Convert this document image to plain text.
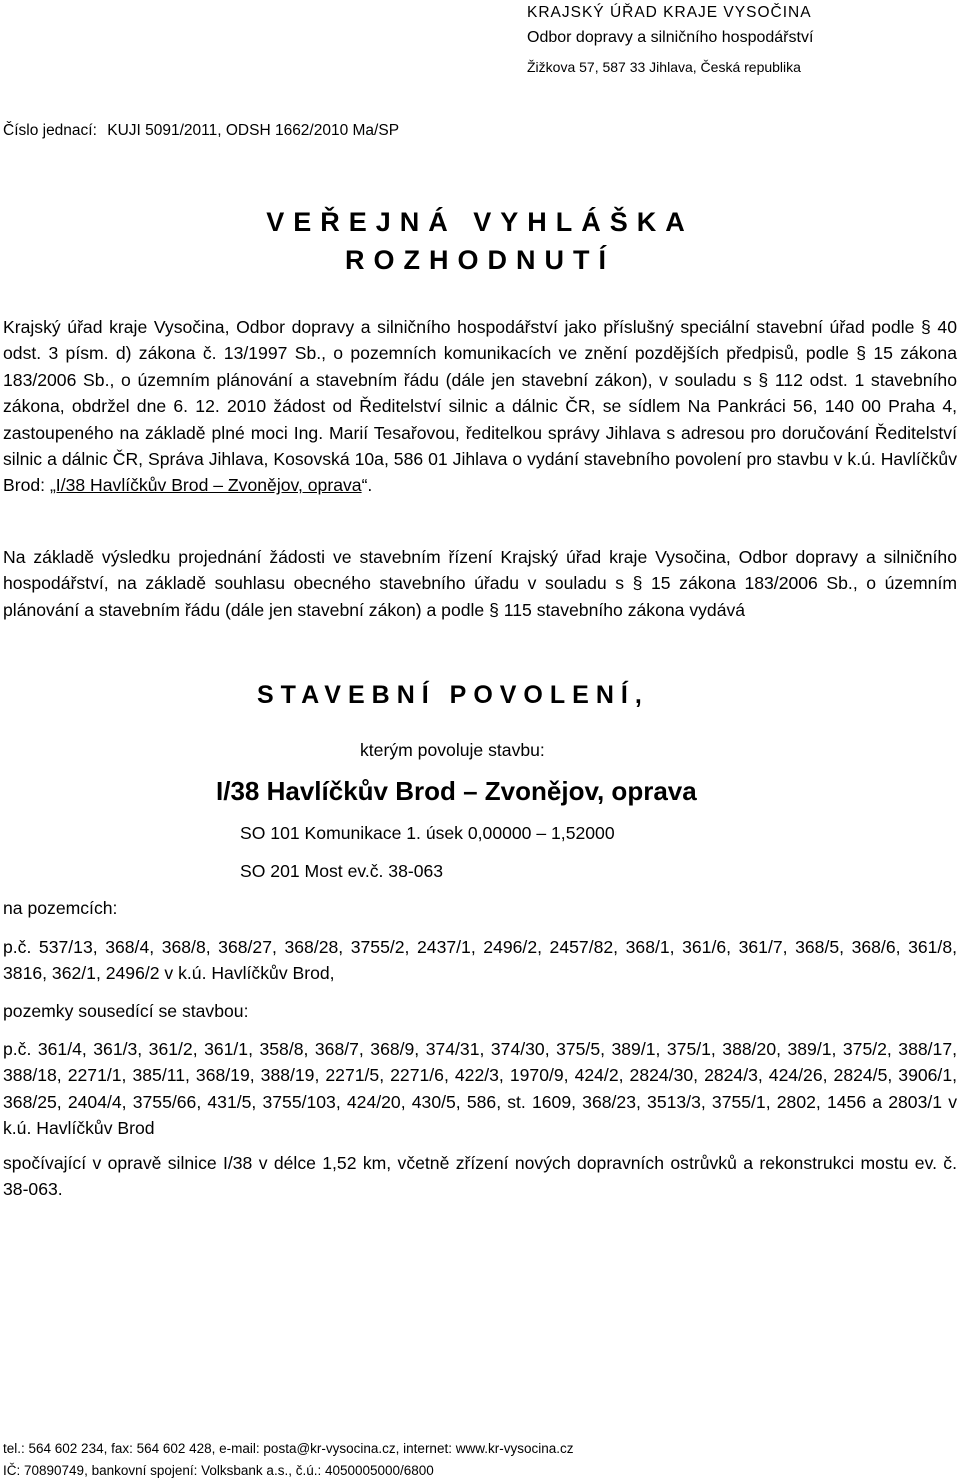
KRAJSKÝ ÚŘAD KRAJE VYSOČINA
Odbor dopravy a silničního hospodářství
Žižkova 57, 587 33 Jihlava, Česká republika
Číslo jednací: KUJI 5091/2011, ODSH 1662/2010 Ma/SP
VEŘEJNÁ VYHLÁŠKA
ROZHODNUTÍ

Krajský úřad kraje Vysočina, Odbor dopravy a silničního hospodářství jako příslušný speciální stavební úřad podle § 40 odst. 3 písm. d) zákona č. 13/1997 Sb., o pozemních komunikacích ve znění pozdějších předpisů, podle § 15 zákona 183/2006 Sb., o územním plánování a stavebním řádu (dále jen stavební zákon), v souladu s § 112 odst. 1 stavebního zákona, obdržel dne 6. 12. 2010 žádost od Ředitelství silnic a dálnic ČR, se sídlem Na Pankráci 56, 140 00 Praha 4, zastoupeného na základě plné moci Ing. Marií Tesařovou, ředitelkou správy Jihlava s adresou pro doručování Ředitelství silnic a dálnic ČR, Správa Jihlava, Kosovská 10a, 586 01 Jihlava o vydání stavebního povolení pro stavbu v k.ú. Havlíčkův Brod: „I/38 Havlíčkův Brod – Zvonějov, oprava“.

Na základě výsledku projednání žádosti ve stavebním řízení Krajský úřad kraje Vysočina, Odbor dopravy a silničního hospodářství, na základě souhlasu obecného stavebního úřadu v souladu s § 15 zákona 183/2006 Sb., o územním plánování a stavebním řádu (dále jen stavební zákon) a podle § 115 stavebního zákona vydává

STAVEBNÍ POVOLENÍ,
kterým povoluje stavbu:
I/38 Havlíčkův Brod – Zvonějov, oprava
SO 101 Komunikace 1. úsek 0,00000 – 1,52000
SO 201 Most ev.č. 38-063
na pozemcích:

p.č. 537/13, 368/4, 368/8, 368/27, 368/28, 3755/2, 2437/1, 2496/2, 2457/82, 368/1, 361/6, 361/7, 368/5, 368/6, 361/8, 3816, 362/1, 2496/2 v k.ú. Havlíčkův Brod,

pozemky sousedící se stavbou:

p.č. 361/4, 361/3, 361/2, 361/1, 358/8, 368/7, 368/9, 374/31, 374/30, 375/5, 389/1, 375/1, 388/20, 389/1, 375/2, 388/17, 388/18, 2271/1, 385/11, 368/19, 388/19, 2271/5, 2271/6, 422/3, 1970/9, 424/2, 2824/30, 2824/3, 424/26, 2824/5, 3906/1, 368/25, 2404/4, 3755/66, 431/5, 3755/103, 424/20, 430/5, 586, st. 1609, 368/23, 3513/3, 3755/1, 2802, 1456 a 2803/1 v k.ú. Havlíčkův Brod

spočívající v opravě silnice I/38 v délce 1,52 km, včetně zřízení nových dopravních ostrůvků a rekonstrukci mostu ev. č. 38-063.

tel.: 564 602 234, fax: 564 602 428, e-mail: posta@kr-vysocina.cz, internet: www.kr-vysocina.cz
IČ: 70890749, bankovní spojení: Volksbank a.s., č.ú.: 4050005000/6800
